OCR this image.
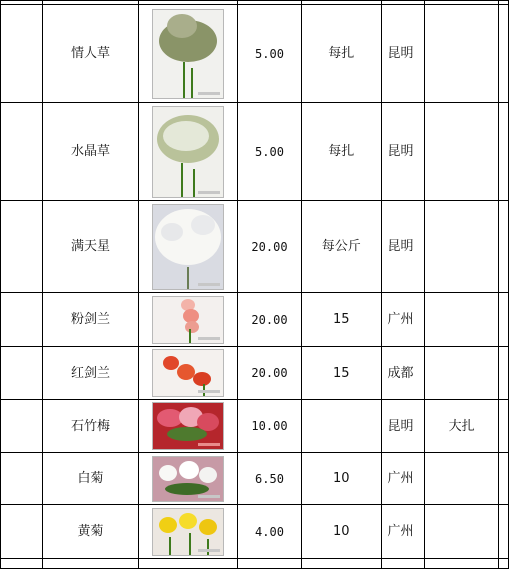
	情人草		5.00	每扎	昆明		
	水晶草		5.00	每扎	昆明		
	满天星		20.00	每公斤	昆明		
	粉剑兰		20.00	15	广州		
	红剑兰		20.00	15	成都		
	石竹梅		10.00		昆明	大扎	
	白菊		6.50	10	广州		
	黄菊		4.00	10	广州		
